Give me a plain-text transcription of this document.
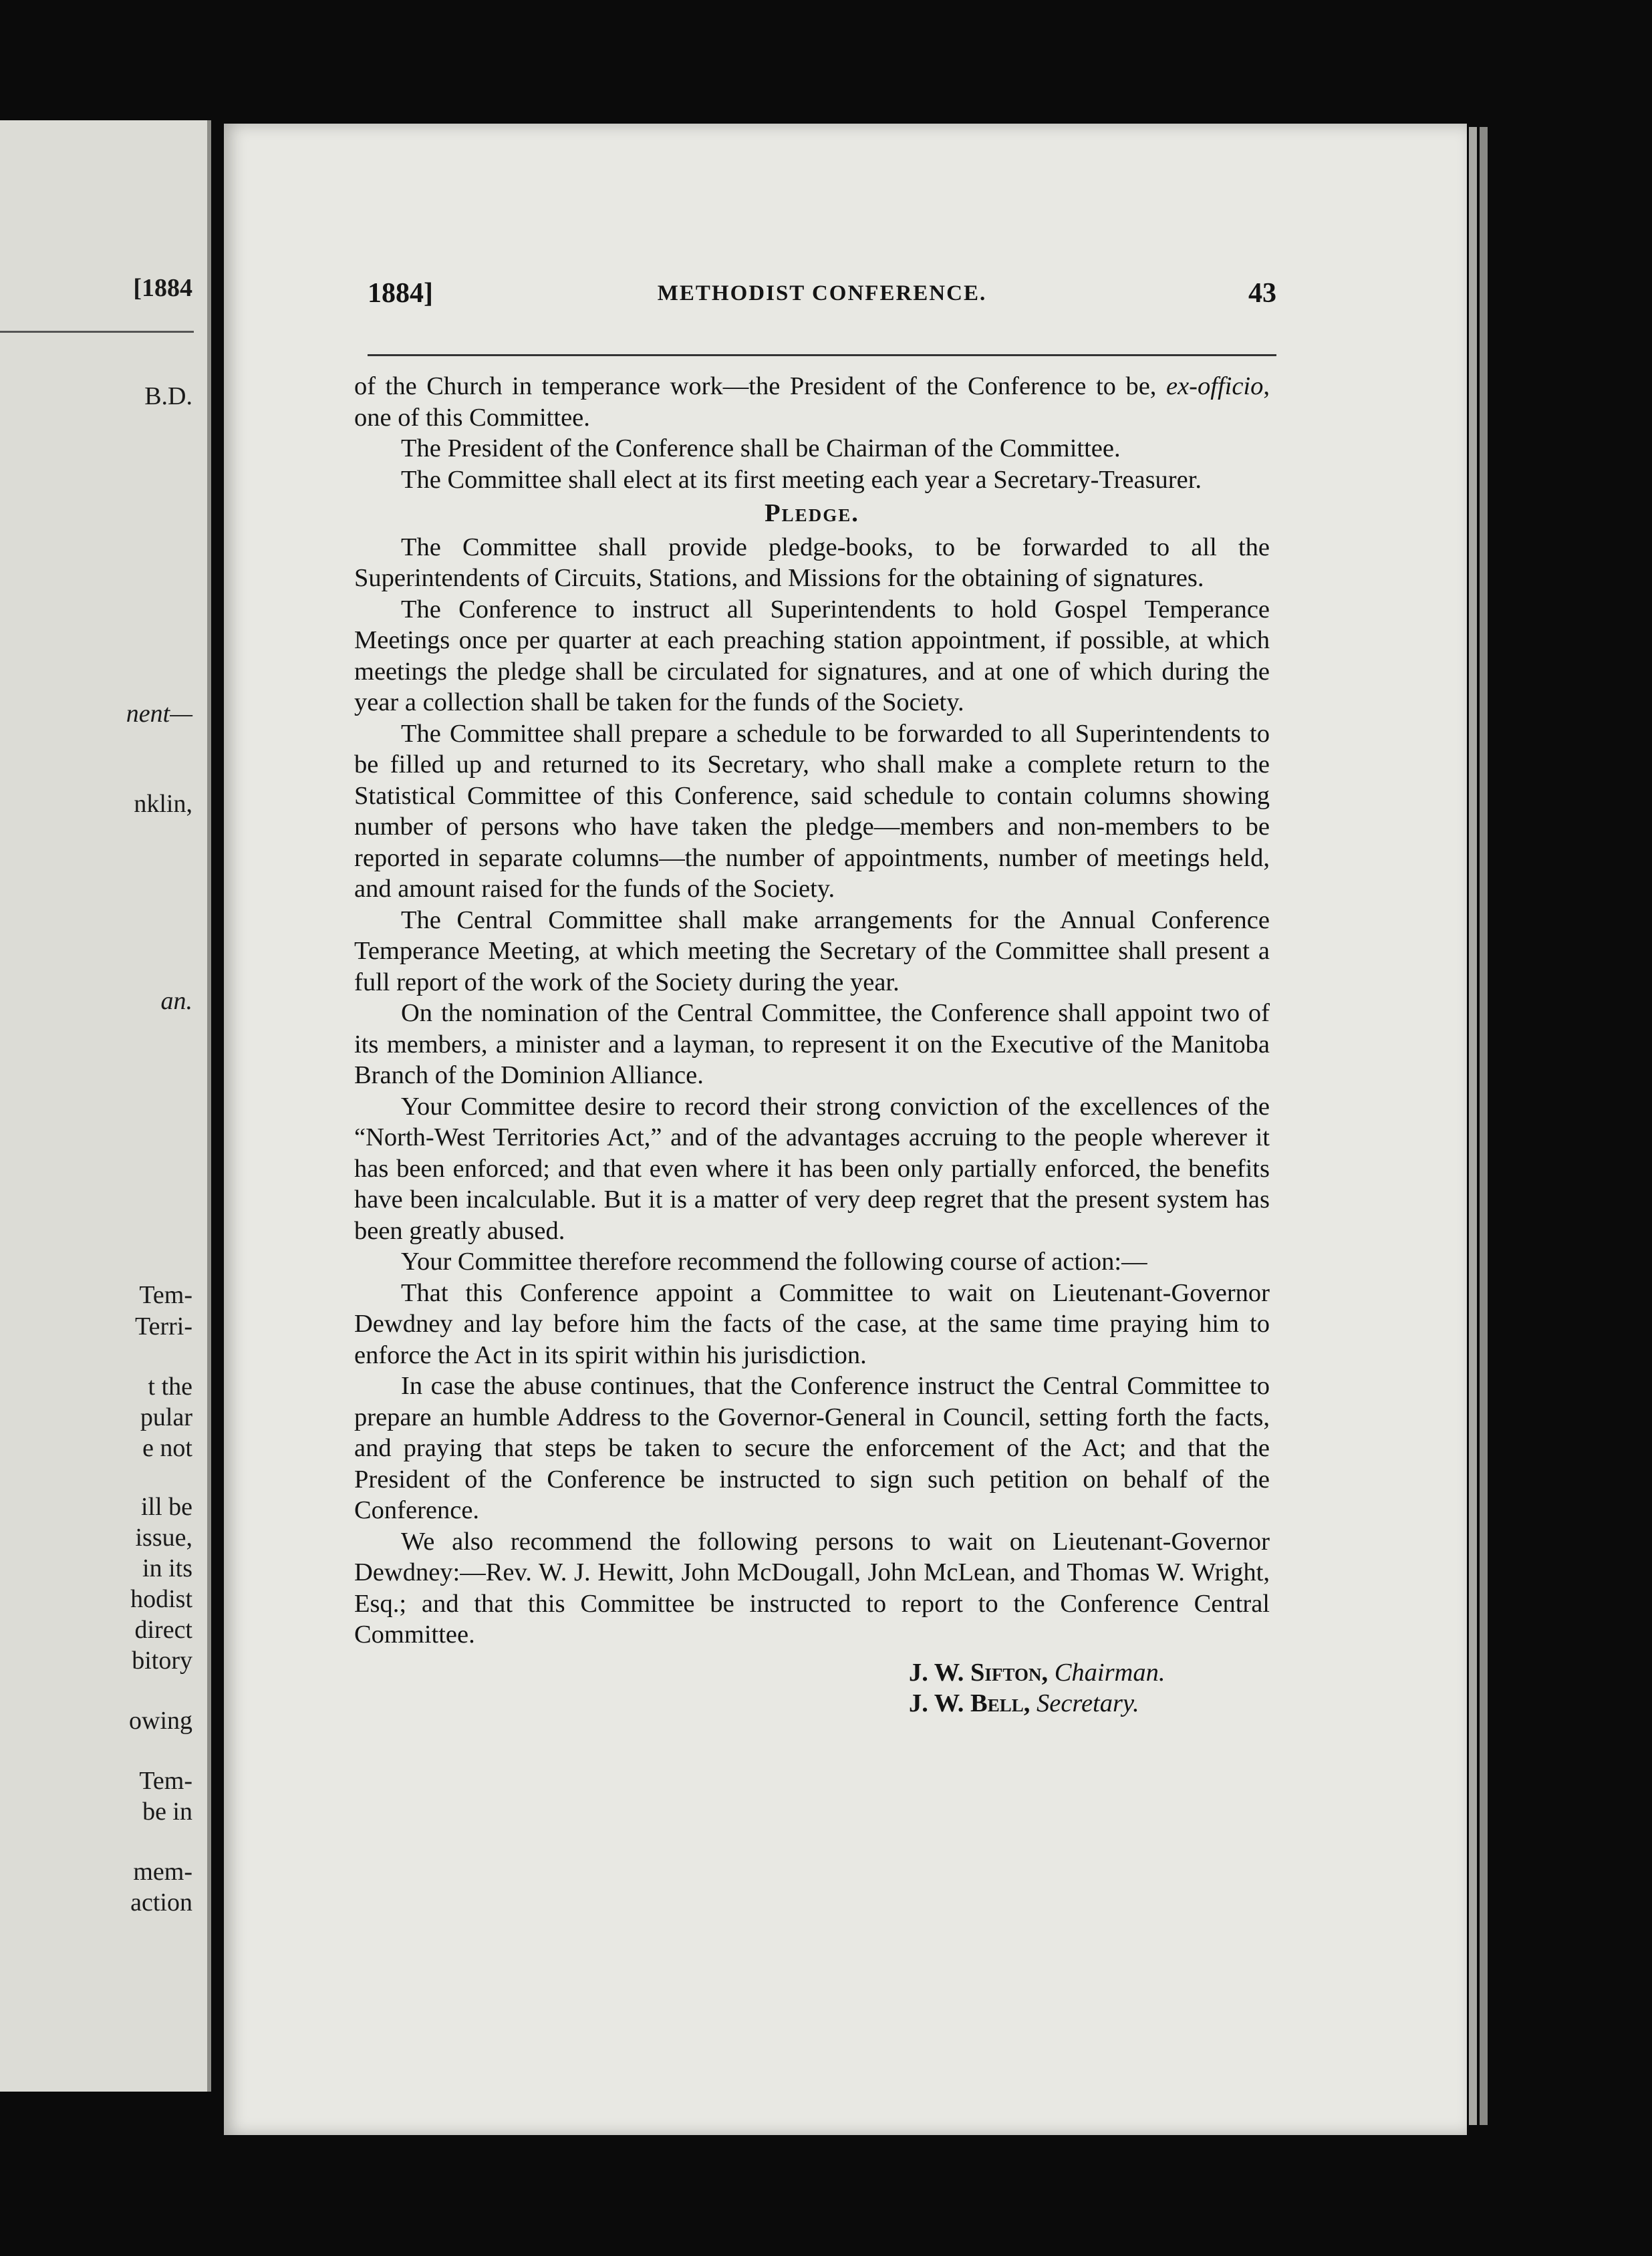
[1884
B.D.
nent—
nklin,
an.
Tem-
Terri-
t the
pular
e not
ill be
issue,
in its
hodist
direct
bitory
owing
Tem-
be in
mem-
action
1884]	METHODIST CONFERENCE.	43

of the Church in temperance work—the President of the Conference to be, ex-officio, one of this Committee.

The President of the Conference shall be Chairman of the Committee.

The Committee shall elect at its first meeting each year a Secretary-Treasurer.

Pledge.

The Committee shall provide pledge-books, to be forwarded to all the Superintendents of Circuits, Stations, and Missions for the obtaining of signatures.

The Conference to instruct all Superintendents to hold Gospel Temperance Meetings once per quarter at each preaching station appointment, if possible, at which meetings the pledge shall be circulated for signatures, and at one of which during the year a collection shall be taken for the funds of the Society.

The Committee shall prepare a schedule to be forwarded to all Superintendents to be filled up and returned to its Secretary, who shall make a complete return to the Statistical Committee of this Conference, said schedule to contain columns showing number of persons who have taken the pledge—members and non-members to be reported in separate columns—the number of appointments, number of meetings held, and amount raised for the funds of the Society.

The Central Committee shall make arrangements for the Annual Conference Temperance Meeting, at which meeting the Secretary of the Committee shall present a full report of the work of the Society during the year.

On the nomination of the Central Committee, the Conference shall appoint two of its members, a minister and a layman, to represent it on the Executive of the Manitoba Branch of the Dominion Alliance.

Your Committee desire to record their strong conviction of the excellences of the “North-West Territories Act,” and of the advantages accruing to the people wherever it has been enforced; and that even where it has been only partially enforced, the benefits have been incalculable. But it is a matter of very deep regret that the present system has been greatly abused.

Your Committee therefore recommend the following course of action:—

That this Conference appoint a Committee to wait on Lieutenant-Governor Dewdney and lay before him the facts of the case, at the same time praying him to enforce the Act in its spirit within his jurisdiction.

In case the abuse continues, that the Conference instruct the Central Committee to prepare an humble Address to the Governor-General in Council, setting forth the facts, and praying that steps be taken to secure the enforcement of the Act; and that the President of the Conference be instructed to sign such petition on behalf of the Conference.

We also recommend the following persons to wait on Lieutenant-Governor Dewdney:—Rev. W. J. Hewitt, John McDougall, John McLean, and Thomas W. Wright, Esq.; and that this Committee be instructed to report to the Conference Central Committee.

J. W. Sifton, Chairman.

J. W. Bell, Secretary.
